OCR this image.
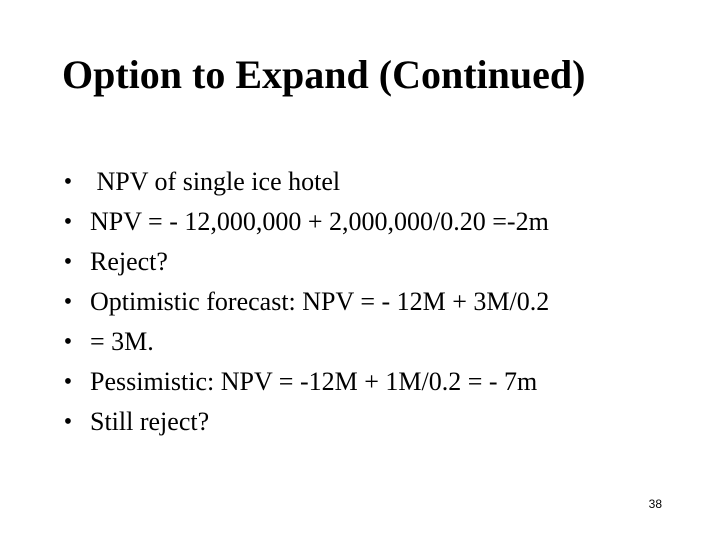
Option to Expand (Continued)
• NPV of single ice hotel
• NPV = - 12,000,000 + 2,000,000/0.20 =-2m
• Reject?
• Optimistic forecast: NPV = - 12M + 3M/0.2
• = 3M.
• Pessimistic: NPV = -12M + 1M/0.2 = - 7m
• Still reject?
38
